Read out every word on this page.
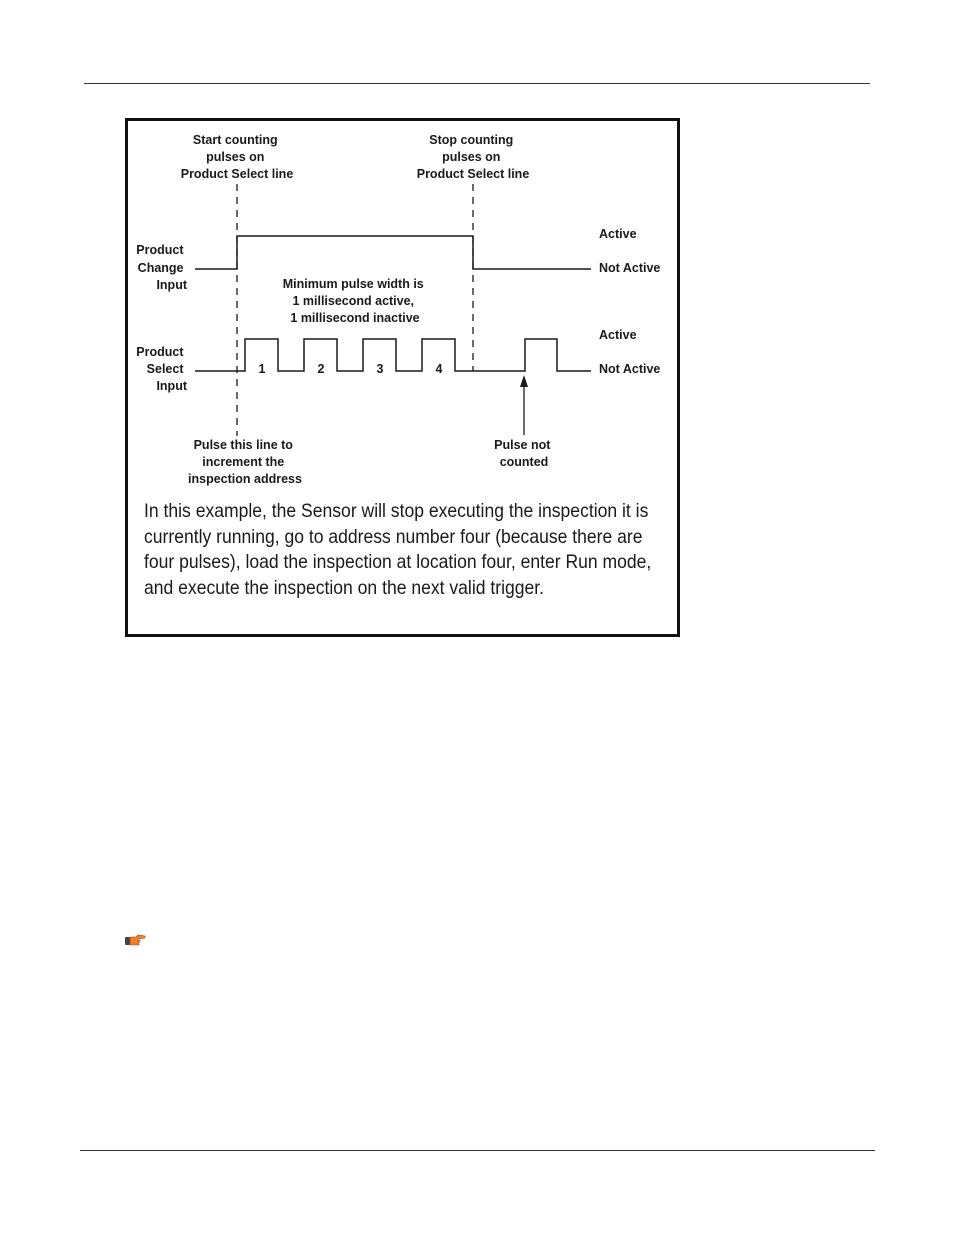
Start counting pulses on Product Select line
Stop counting pulses on Product Select line
Product Change Input
Product Select Input
Active
Not Active
Active
Not Active
Minimum pulse width is 1 millisecond active, 1 millisecond inactive
1	2	3	4
Pulse this line to increment the inspection address
Pulse not counted
In this example, the Sensor will stop executing the inspection it is currently running, go to address number four (because there are four pulses), load the inspection at location four, enter Run mode, and execute the inspection on the next valid trigger.
